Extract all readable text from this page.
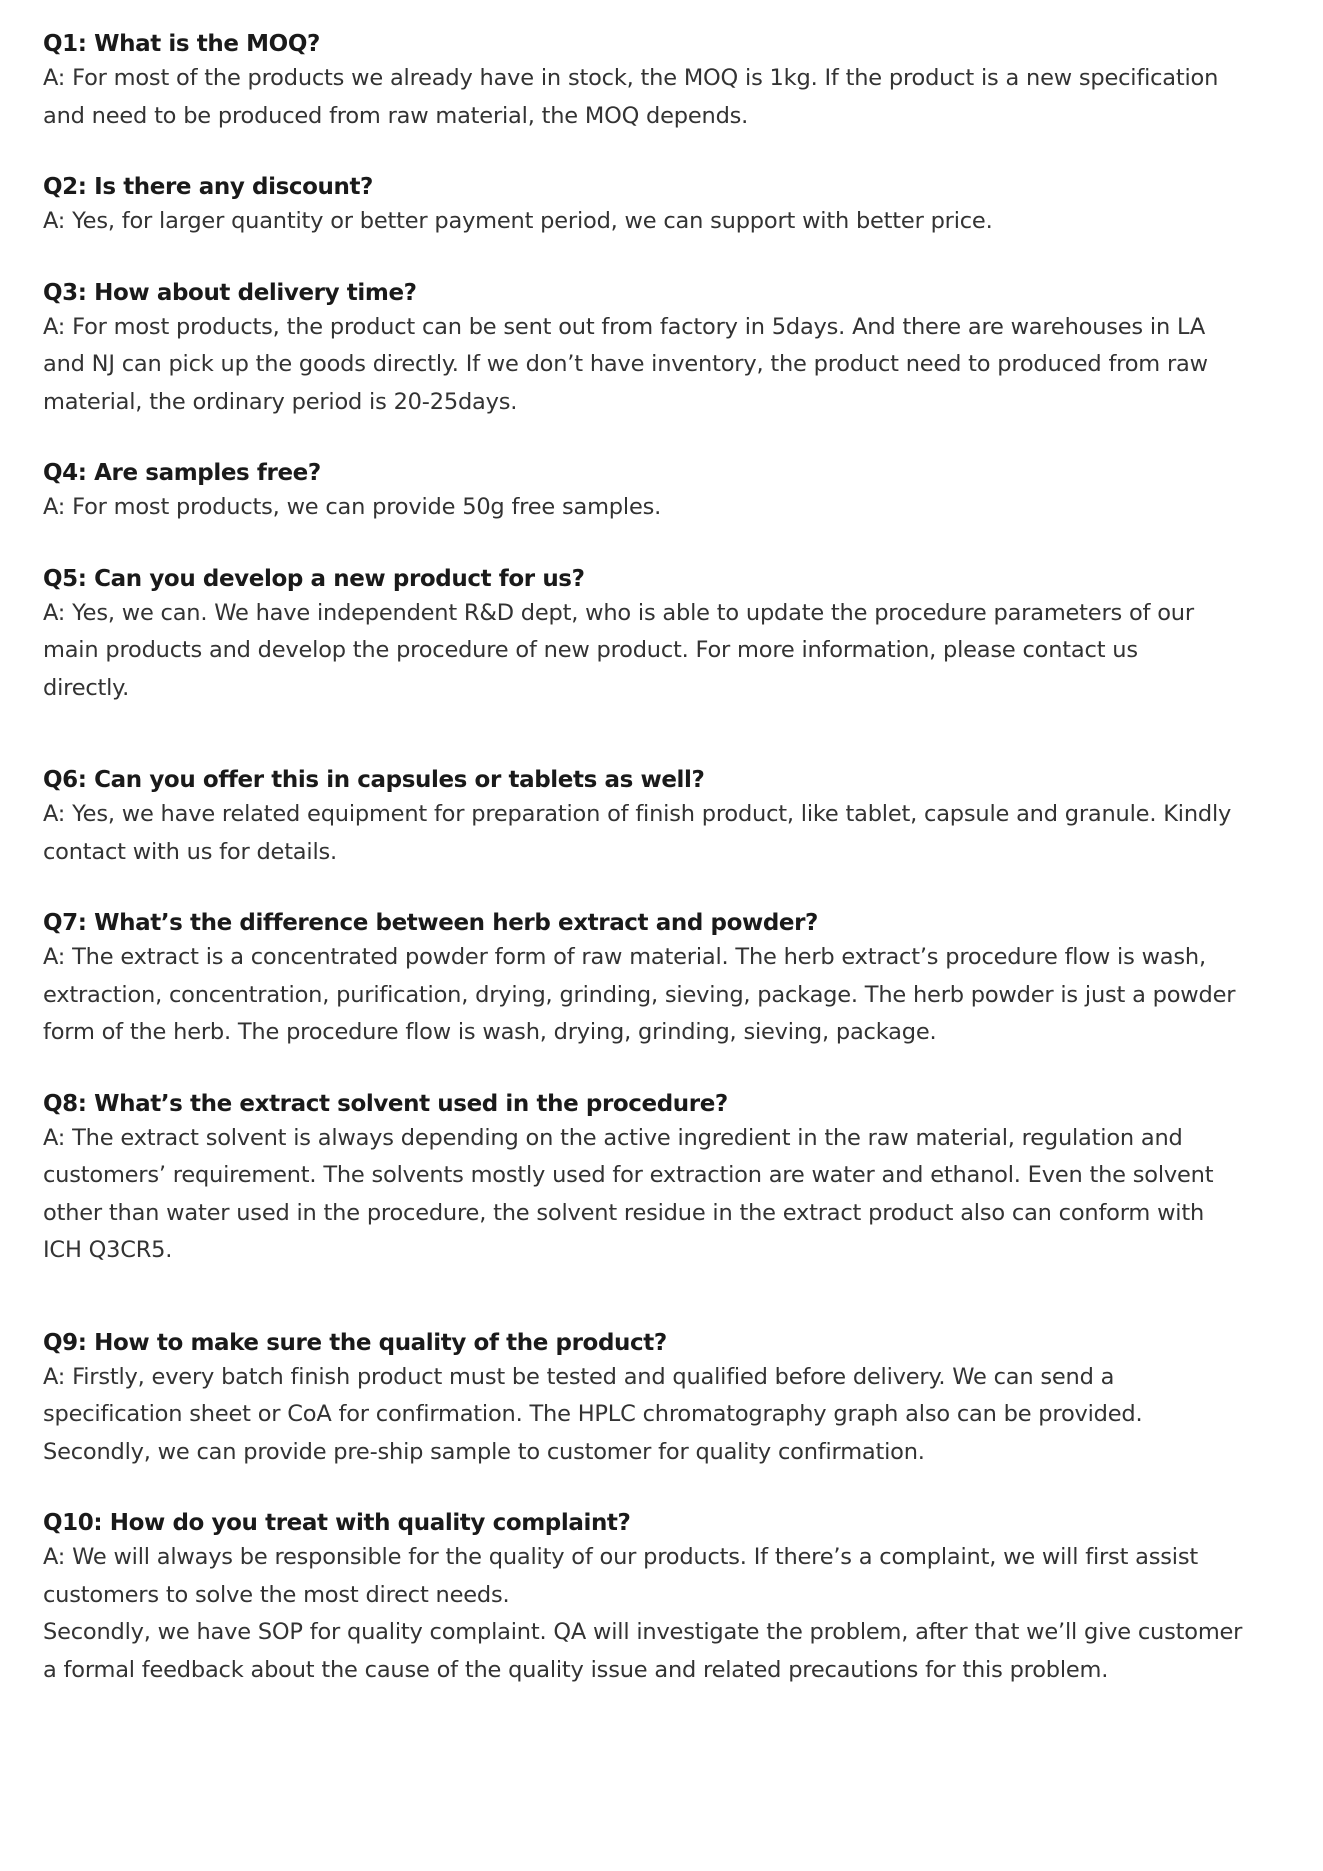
Q1: What is the MOQ?

A: For most of the products we already have in stock, the MOQ is 1kg. If the product is a new specification
and need to be produced from raw material, the MOQ depends.

Q2: Is there any discount?

A: Yes, for larger quantity or better payment period, we can support with better price.

Q3: How about delivery time?

A: For most products, the product can be sent out from factory in 5days. And there are warehouses in LA
and NJ can pick up the goods directly. If we don’t have inventory, the product need to produced from raw
material, the ordinary period is 20-25days.

Q4: Are samples free?

A: For most products, we can provide 50g free samples.

Q5: Can you develop a new product for us?

A: Yes, we can. We have independent R&D dept, who is able to update the procedure parameters of our
main products and develop the procedure of new product. For more information, please contact us
directly.

Q6: Can you offer this in capsules or tablets as well?

A: Yes, we have related equipment for preparation of finish product, like tablet, capsule and granule. Kindly
contact with us for details.

Q7: What’s the difference between herb extract and powder?

A: The extract is a concentrated powder form of raw material. The herb extract’s procedure flow is wash,
extraction, concentration, purification, drying, grinding, sieving, package. The herb powder is just a powder
form of the herb. The procedure flow is wash, drying, grinding, sieving, package.

Q8: What’s the extract solvent used in the procedure?

A: The extract solvent is always depending on the active ingredient in the raw material, regulation and
customers’ requirement. The solvents mostly used for extraction are water and ethanol. Even the solvent
other than water used in the procedure, the solvent residue in the extract product also can conform with
ICH Q3CR5.

Q9: How to make sure the quality of the product?

A: Firstly, every batch finish product must be tested and qualified before delivery. We can send a
specification sheet or CoA for confirmation. The HPLC chromatography graph also can be provided.
Secondly, we can provide pre-ship sample to customer for quality confirmation.

Q10: How do you treat with quality complaint?

A: We will always be responsible for the quality of our products. If there’s a complaint, we will first assist
customers to solve the most direct needs.
Secondly, we have SOP for quality complaint. QA will investigate the problem, after that we’ll give customer
a formal feedback about the cause of the quality issue and related precautions for this problem.
